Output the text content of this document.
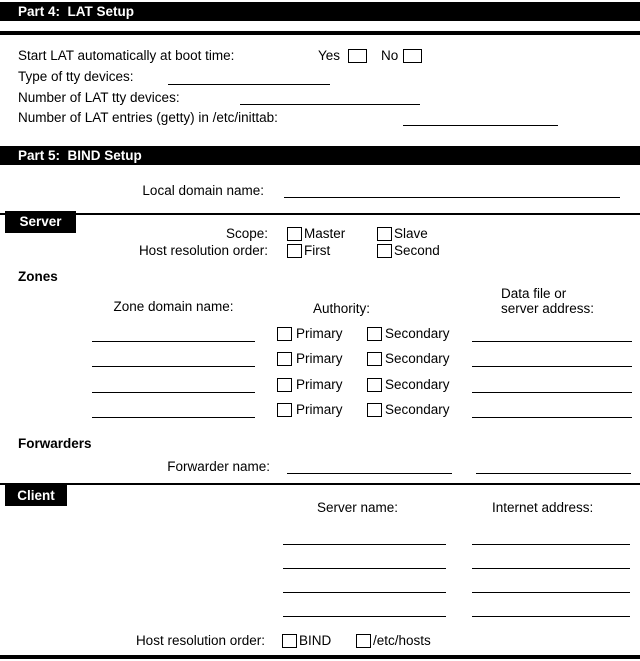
Part 4:  LAT Setup
Start LAT automatically at boot time:	Yes	No
Type of tty devices:
Number of LAT tty devices:
Number of LAT entries (getty) in /etc/inittab:
Part 5:  BIND Setup
Local domain name:
Server
Scope:	Master	Slave
Host resolution order:	First	Second
Zones
Zone domain name:	Authority:
Data file or
server address:
Primary	Secondary
Primary	Secondary
Primary	Secondary
Primary	Secondary
Forwarders
Forwarder name:
Client
Server name:	Internet address:
Host resolution order:	BIND	/etc/hosts
